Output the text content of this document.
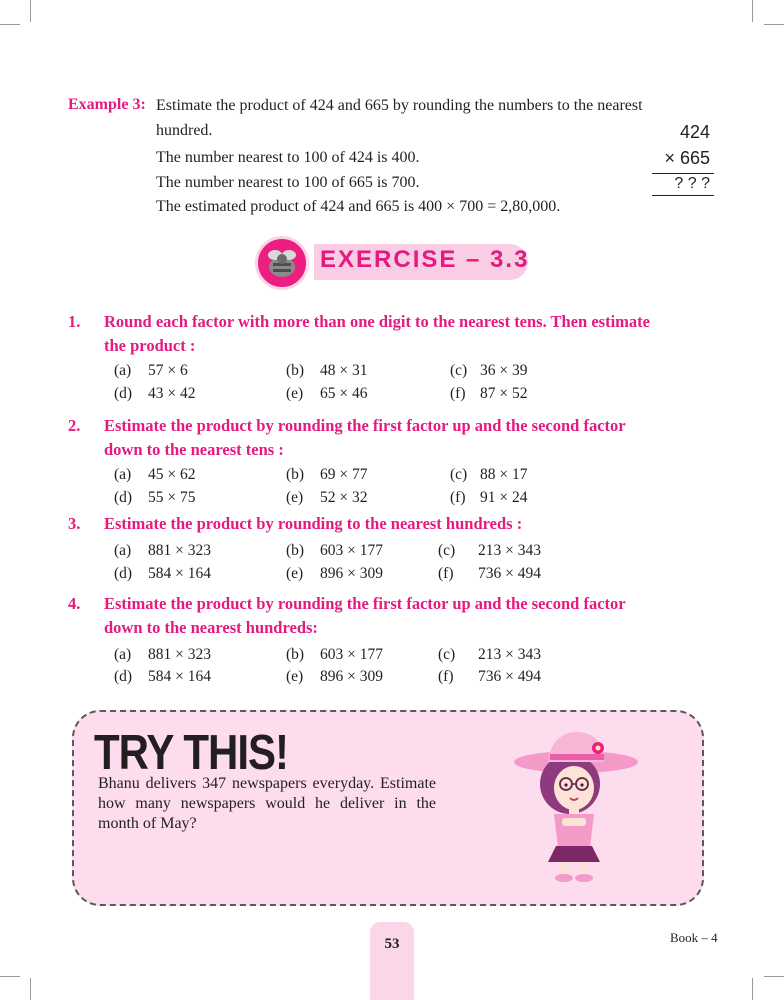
Example 3: Estimate the product of 424 and 665 by rounding the numbers to the nearest
hundred.
The number nearest to 100 of 424 is 400.
The number nearest to 100 of 665 is 700.
The estimated product of 424 and 665 is 400 × 700 = 2,80,000.
424
× 665
? ? ?
EXERCISE – 3.3
1. Round each factor with more than one digit to the nearest tens. Then estimate
the product :
(a) 57 × 6	(b) 48 × 31	(c) 36 × 39
(d) 43 × 42	(e) 65 × 46	(f) 87 × 52
2. Estimate the product by rounding the first factor up and the second factor
down to the nearest tens :
(a) 45 × 62	(b) 69 × 77	(c) 88 × 17
(d) 55 × 75	(e) 52 × 32	(f) 91 × 24
3. Estimate the product by rounding to the nearest hundreds :
(a) 881 × 323	(b) 603 × 177	(c) 213 × 343
(d) 584 × 164	(e) 896 × 309	(f) 736 × 494
4. Estimate the product by rounding the first factor up and the second factor
down to the nearest hundreds:
(a) 881 × 323	(b) 603 × 177	(c) 213 × 343
(d) 584 × 164	(e) 896 × 309	(f) 736 × 494
TRY THIS!
Bhanu delivers 347 newspapers everyday. Estimate how many newspapers would he deliver in the month of May?
53	Book – 4
